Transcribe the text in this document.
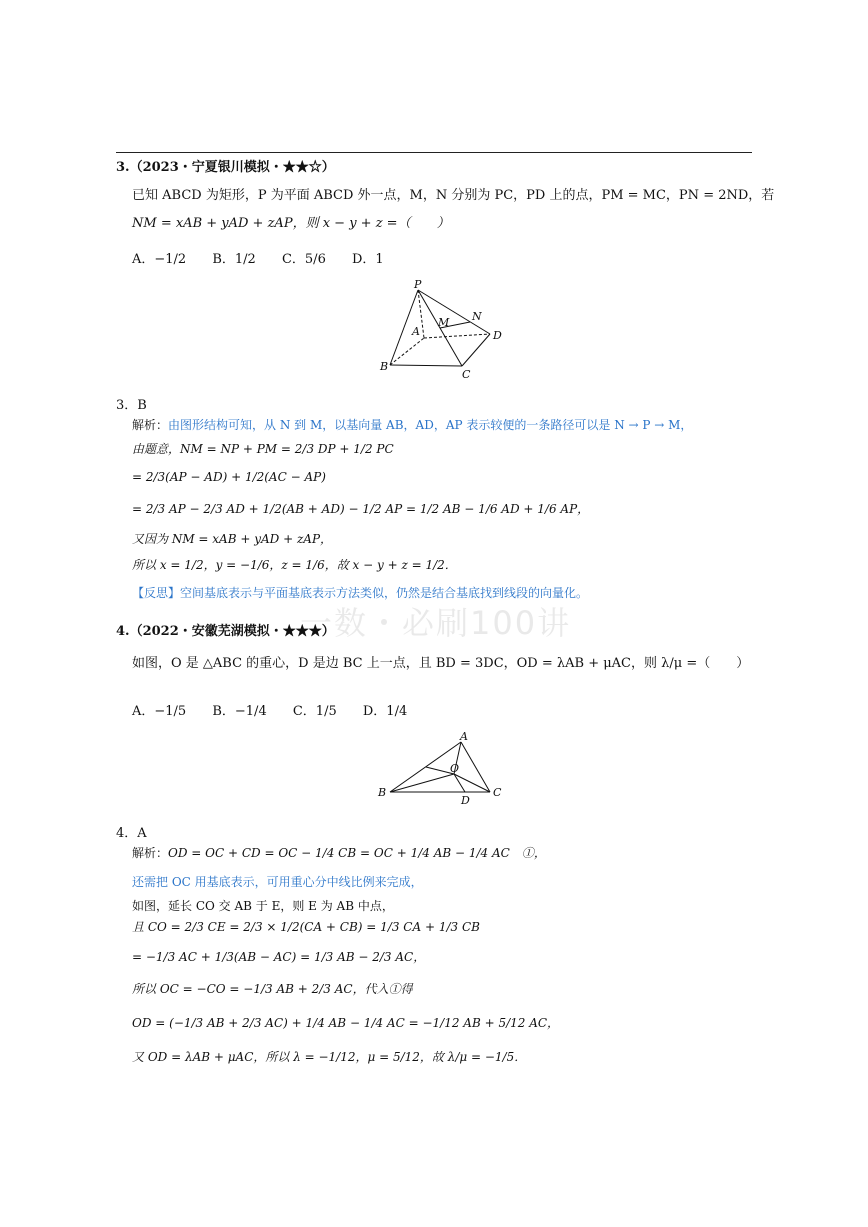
一数・必刷100讲
3.（2023・宁夏银川模拟・★★☆）
已知 ABCD 为矩形，P 为平面 ABCD 外一点，M，N 分别为 PC，PD 上的点，PM = MC，PN = 2ND，若
NM = xAB + yAD + zAP，则 x − y + z =（　　）
A．−1/2 B．1/2 C．5/6 D．1
P
A
M N
D
B
C
3．B
解析：由图形结构可知，从 N 到 M，以基向量 AB，AD，AP 表示较便的一条路径可以是 N → P → M，
由题意，NM = NP + PM = 2/3 DP + 1/2 PC
= 2/3(AP − AD) + 1/2(AC − AP)
= 2/3 AP − 2/3 AD + 1/2(AB + AD) − 1/2 AP = 1/2 AB − 1/6 AD + 1/6 AP，
又因为 NM = xAB + yAD + zAP，
所以 x = 1/2，y = −1/6，z = 1/6，故 x − y + z = 1/2．
【反思】空间基底表示与平面基底表示方法类似，仍然是结合基底找到线段的向量化。
4.（2022・安徽芜湖模拟・★★★）
如图，O 是 △ABC 的重心，D 是边 BC 上一点，且 BD = 3DC，OD = λAB + μAC，则 λ/μ =（　　）
A．−1/5 B．−1/4 C．1/5 D．1/4
A
O
B
D
C
4．A
解析：OD = OC + CD = OC − 1/4 CB = OC + 1/4 AB − 1/4 AC　①，
还需把 OC 用基底表示，可用重心分中线比例来完成，
如图，延长 CO 交 AB 于 E，则 E 为 AB 中点，
且 CO = 2/3 CE = 2/3 × 1/2(CA + CB) = 1/3 CA + 1/3 CB
= −1/3 AC + 1/3(AB − AC) = 1/3 AB − 2/3 AC，
所以 OC = −CO = −1/3 AB + 2/3 AC，代入①得
OD = (−1/3 AB + 2/3 AC) + 1/4 AB − 1/4 AC = −1/12 AB + 5/12 AC，
又 OD = λAB + μAC，所以 λ = −1/12，μ = 5/12，故 λ/μ = −1/5．
